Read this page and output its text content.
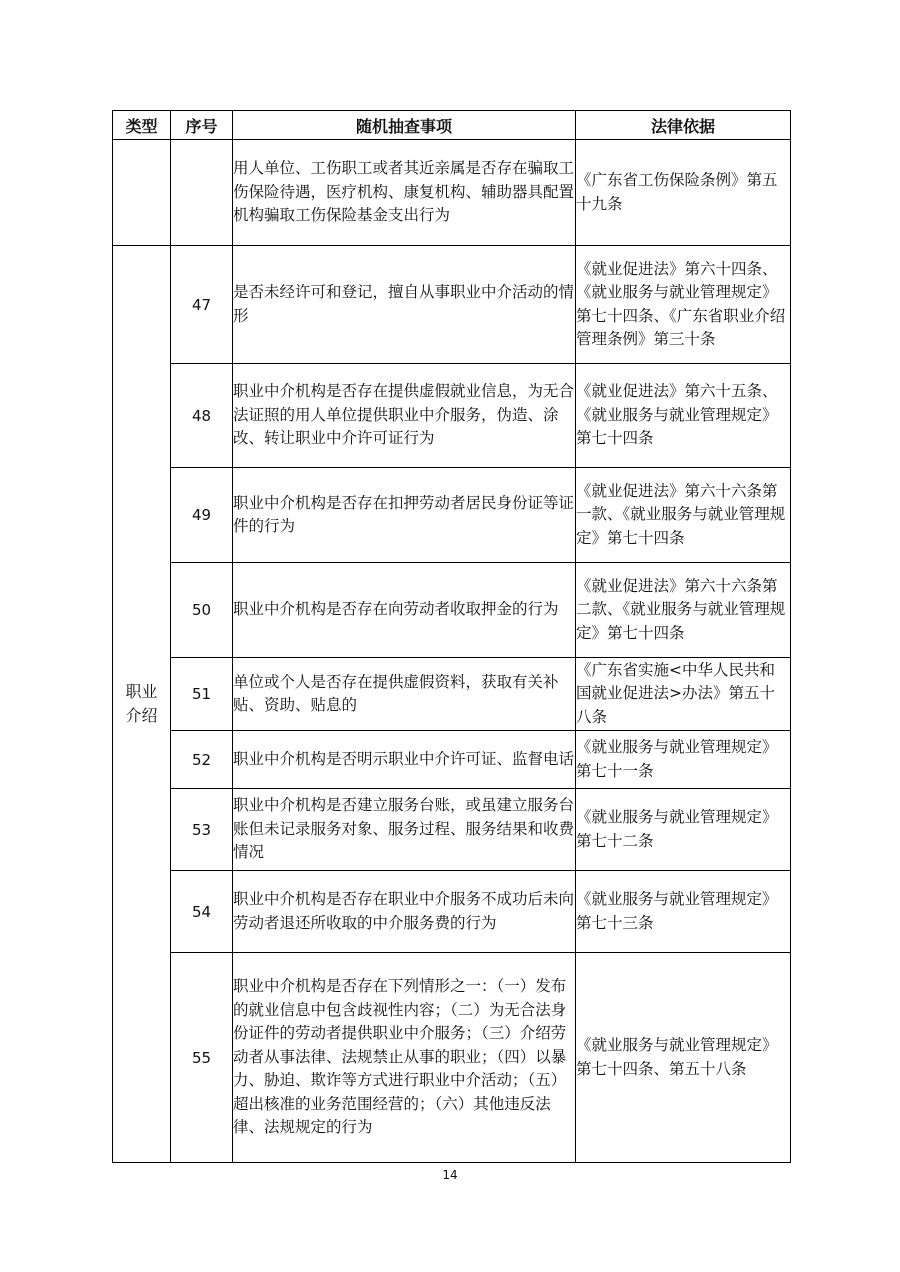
类型	序号	随机抽查事项	法律依据
		用人单位、工伤职工或者其近亲属是否存在骗取工伤保险待遇，医疗机构、康复机构、辅助器具配置机构骗取工伤保险基金支出行为	《广东省工伤保险条例》第五十九条

职业介绍	47	是否未经许可和登记，擅自从事职业中介活动的情形	《就业促进法》第六十四条、《就业服务与就业管理规定》第七十四条、《广东省职业介绍管理条例》第三十条
	48	职业中介机构是否存在提供虚假就业信息，为无合法证照的用人单位提供职业中介服务，伪造、涂改、转让职业中介许可证行为	《就业促进法》第六十五条、《就业服务与就业管理规定》第七十四条
	49	职业中介机构是否存在扣押劳动者居民身份证等证件的行为	《就业促进法》第六十六条第一款、《就业服务与就业管理规定》第七十四条
	50	职业中介机构是否存在向劳动者收取押金的行为	《就业促进法》第六十六条第二款、《就业服务与就业管理规定》第七十四条
	51	单位或个人是否存在提供虚假资料，获取有关补贴、资助、贴息的	《广东省实施<中华人民共和国就业促进法>办法》第五十八条
	52	职业中介机构是否明示职业中介许可证、监督电话	《就业服务与就业管理规定》第七十一条
	53	职业中介机构是否建立服务台账，或虽建立服务台账但未记录服务对象、服务过程、服务结果和收费情况	《就业服务与就业管理规定》第七十二条
	54	职业中介机构是否存在职业中介服务不成功后未向劳动者退还所收取的中介服务费的行为	《就业服务与就业管理规定》第七十三条
	55	职业中介机构是否存在下列情形之一：（一）发布的就业信息中包含歧视性内容；（二）为无合法身份证件的劳动者提供职业中介服务；（三）介绍劳动者从事法律、法规禁止从事的职业；（四）以暴力、胁迫、欺诈等方式进行职业中介活动；（五）超出核准的业务范围经营的；（六）其他违反法律、法规规定的行为	《就业服务与就业管理规定》第七十四条、第五十八条
14
